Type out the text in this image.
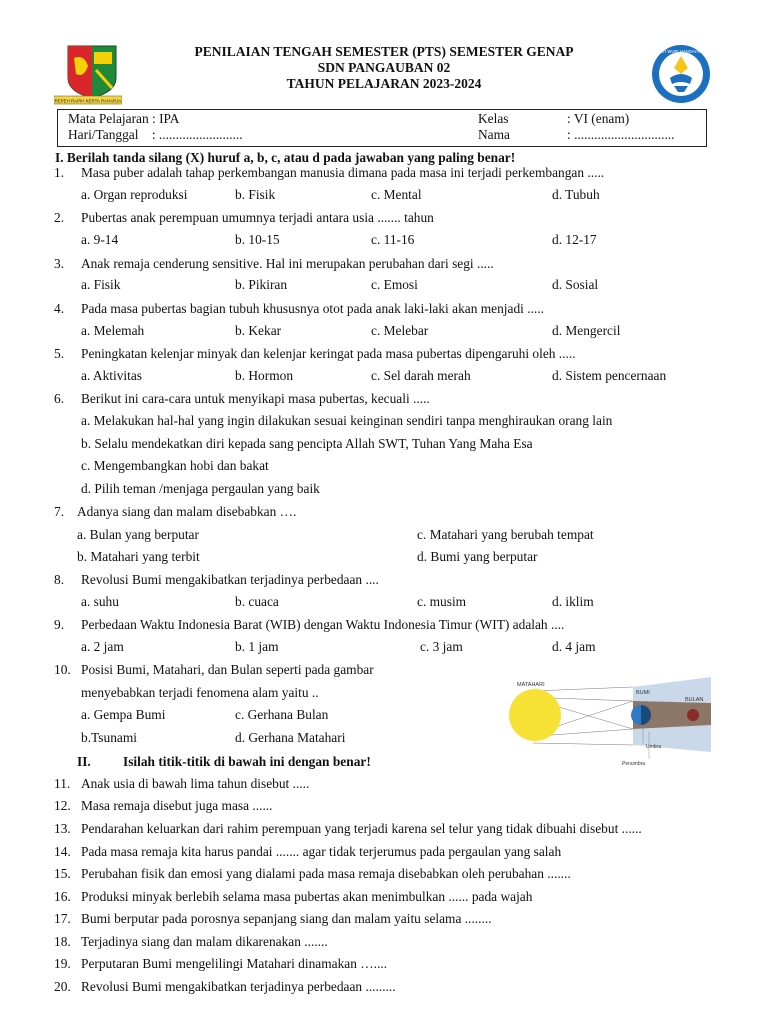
REPEH RAPIH KERTA RAHARJA
TUT WURI HANDAYANI
PENILAIAN TENGAH SEMESTER (PTS) SEMESTER GENAP
SDN PANGAUBAN 02
TAHUN PELAJARAN 2023-2024
Mata Pelajaran : IPA
Hari/Tanggal    : .........................
Kelas	: VI (enam)
Nama	: ..............................
I. Berilah tanda silang (X) huruf a, b, c, atau d pada jawaban yang paling benar!
1. Masa puber adalah tahap perkembangan manusia dimana pada masa ini terjadi perkembangan .....
a. Organ reproduksi	b. Fisik	c. Mental	d. Tubuh
2. Pubertas anak perempuan umumnya terjadi antara usia ....... tahun
a. 9-14	b. 10-15	c. 11-16	d. 12-17
3. Anak remaja cenderung sensitive. Hal ini merupakan perubahan dari segi .....
a. Fisik	b. Pikiran	c. Emosi	d. Sosial
4. Pada masa pubertas bagian tubuh khususnya otot pada anak laki-laki akan menjadi .....
a. Melemah	b. Kekar	c. Melebar	d. Mengercil
5. Peningkatan kelenjar minyak dan kelenjar keringat pada masa pubertas dipengaruhi oleh .....
a. Aktivitas	b. Hormon	c. Sel darah merah	d. Sistem pencernaan
6. Berikut ini cara-cara untuk menyikapi masa pubertas, kecuali .....
a. Melakukan hal-hal yang ingin dilakukan sesuai keinginan sendiri tanpa menghiraukan orang lain
b. Selalu mendekatkan diri kepada sang pencipta Allah SWT, Tuhan Yang Maha Esa
c. Mengembangkan hobi dan bakat
d. Pilih teman /menjaga pergaulan yang baik
7. Adanya siang dan malam disebabkan ….
a. Bulan yang berputar	c. Matahari yang berubah tempat
b. Matahari yang terbit	d. Bumi yang berputar
8. Revolusi Bumi mengakibatkan terjadinya perbedaan ....
a. suhu	b. cuaca	c. musim	d. iklim
9. Perbedaan Waktu Indonesia Barat (WIB) dengan Waktu Indonesia Timur (WIT) adalah ....
a. 2 jam	b. 1 jam	c. 3 jam	d. 4 jam
10. Posisi Bumi, Matahari, dan Bulan seperti pada gambar
menyebabkan terjadi fenomena alam yaitu ..
a. Gempa Bumi	c. Gerhana Bulan
b.Tsunami	d. Gerhana Matahari
MATAHARI
BUMI
BULAN
Umbra
Penumbra
II. Isilah titik-titik di bawah ini dengan benar!
11. Anak usia di bawah lima tahun disebut .....
12. Masa remaja disebut juga masa ......
13. Pendarahan keluarkan dari rahim perempuan yang terjadi karena sel telur yang tidak dibuahi disebut ......
14. Pada masa remaja kita harus pandai ....... agar tidak terjerumus pada pergaulan yang salah
15. Perubahan fisik dan emosi yang dialami pada masa remaja disebabkan oleh perubahan .......
16. Produksi minyak berlebih selama masa pubertas akan menimbulkan ...... pada wajah
17. Bumi berputar pada porosnya sepanjang siang dan malam yaitu selama ........
18. Terjadinya siang dan malam dikarenakan .......
19. Perputaran Bumi mengelilingi Matahari dinamakan …....
20. Revolusi Bumi mengakibatkan terjadinya perbedaan .........
